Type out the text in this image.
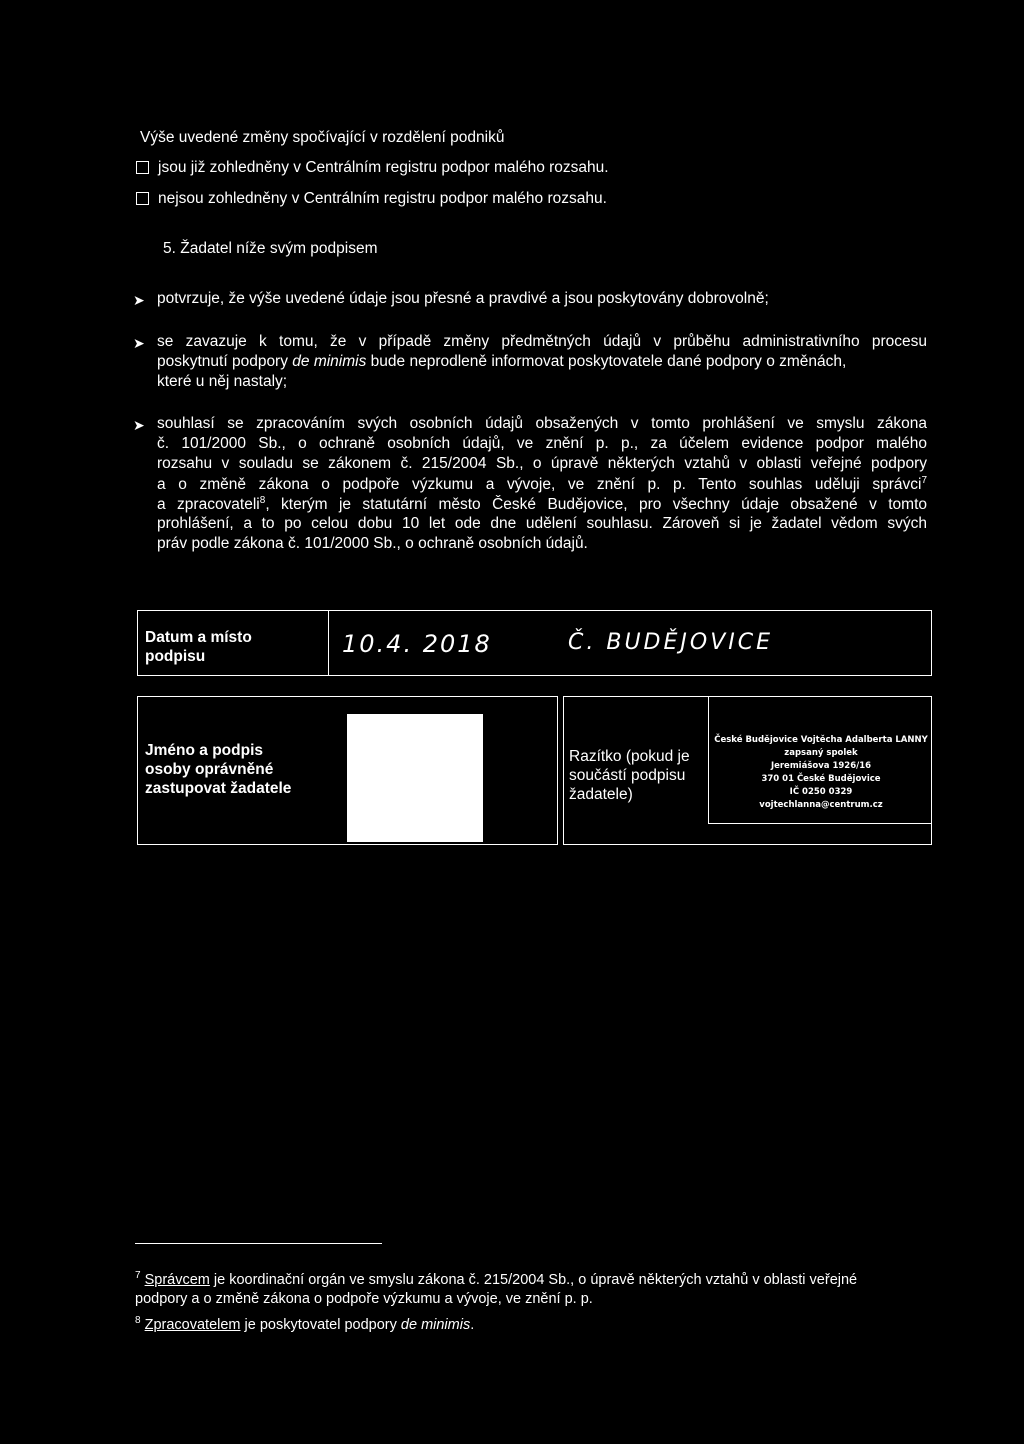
Výše uvedené změny spočívající v rozdělení podniků
jsou již zohledněny v Centrálním registru podpor malého rozsahu.
nejsou zohledněny v Centrálním registru podpor malého rozsahu.
5. Žadatel níže svým podpisem
➤ potvrzuje, že výše uvedené údaje jsou přesné a pravdivé a jsou poskytovány dobrovolně;
➤ se zavazuje k tomu, že v případě změny předmětných údajů v průběhu administrativního procesu
poskytnutí podpory de minimis bude neprodleně informovat poskytovatele dané podpory o změnách,
které u něj nastaly;
➤ souhlasí se zpracováním svých osobních údajů obsažených v tomto prohlášení ve smyslu zákona
č. 101/2000 Sb., o ochraně osobních údajů, ve znění p. p., za účelem evidence podpor malého
rozsahu v souladu se zákonem č. 215/2004 Sb., o úpravě některých vztahů v oblasti veřejné podpory
a o změně zákona o podpoře výzkumu a vývoje, ve znění p. p. Tento souhlas uděluji správci$^7$
a zpracovateli$^8$, kterým je statutární město České Budějovice, pro všechny údaje obsažené v tomto
prohlášení, a to po celou dobu 10 let ode dne udělení souhlasu. Zároveň si je žadatel vědom svých
práv podle zákona č. 101/2000 Sb., o ochraně osobních údajů.
Datum a místo
podpisu	10.4. 2018	Č. BUDĚJOVICE
Jméno a podpis
osoby oprávněné
zastupovat žadatele
Razítko (pokud je
součástí podpisu
žadatele)
České Budějovice Vojtěcha Adalberta LANNY
zapsaný spolek
Jeremiášova 1926/16
370 01 České Budějovice
IČ 0250 0329
vojtechlanna@centrum.cz
$^7$ Správcem je koordinační orgán ve smyslu zákona č. 215/2004 Sb., o úpravě některých vztahů v oblasti veřejné
podpory a o změně zákona o podpoře výzkumu a vývoje, ve znění p. p.
$^8$ Zpracovatelem je poskytovatel podpory de minimis.
